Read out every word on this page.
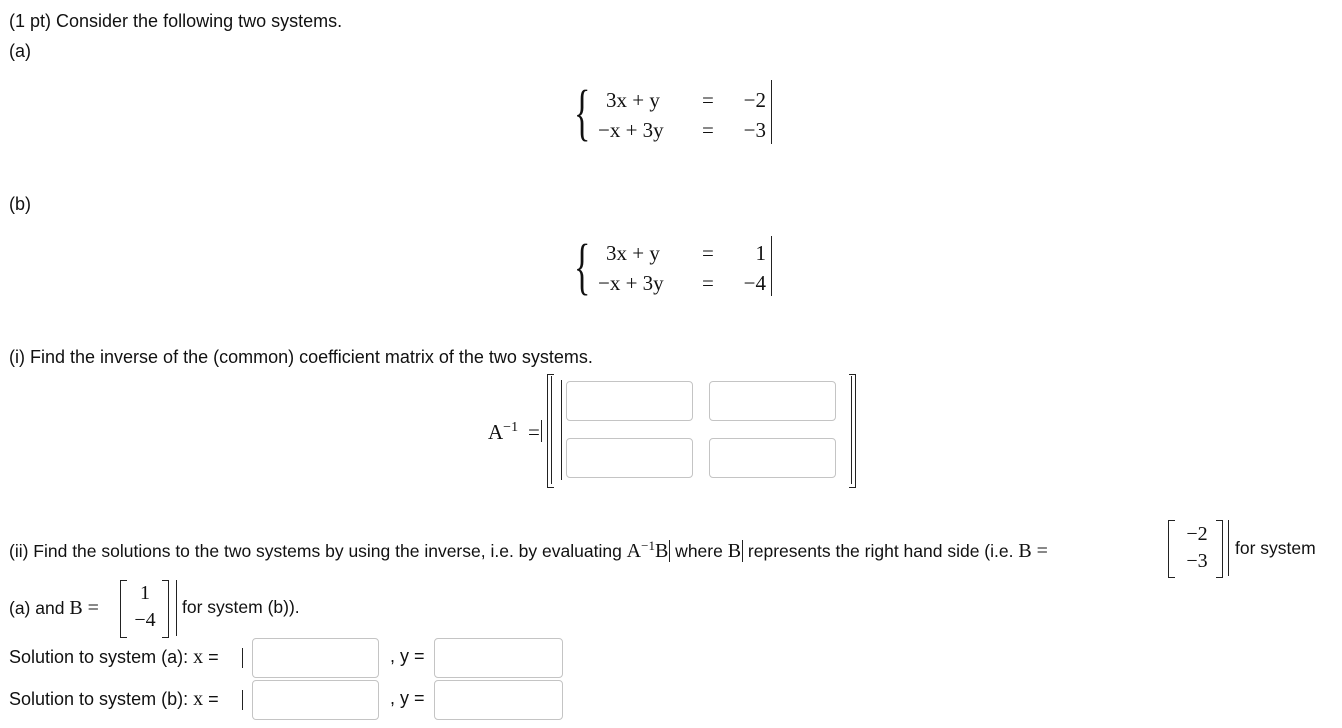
(1 pt) Consider the following two systems.
(a)
{ 3x + y = −2
−x + 3y = −3
(b)
{ 3x + y =	1
−x + 3y = −4
(i) Find the inverse of the (common) coefficient matrix of the two systems.
$A^{-1}$ =
(ii) Find the solutions to the two systems by using the inverse, i.e. by evaluating $A^{-1}B$ where B represents the right hand side (i.e. B =
−2
−3
for system
(a) and B =
1
−4
for system (b)).
Solution to system (a): x =	, y =
Solution to system (b): x =	, y =
